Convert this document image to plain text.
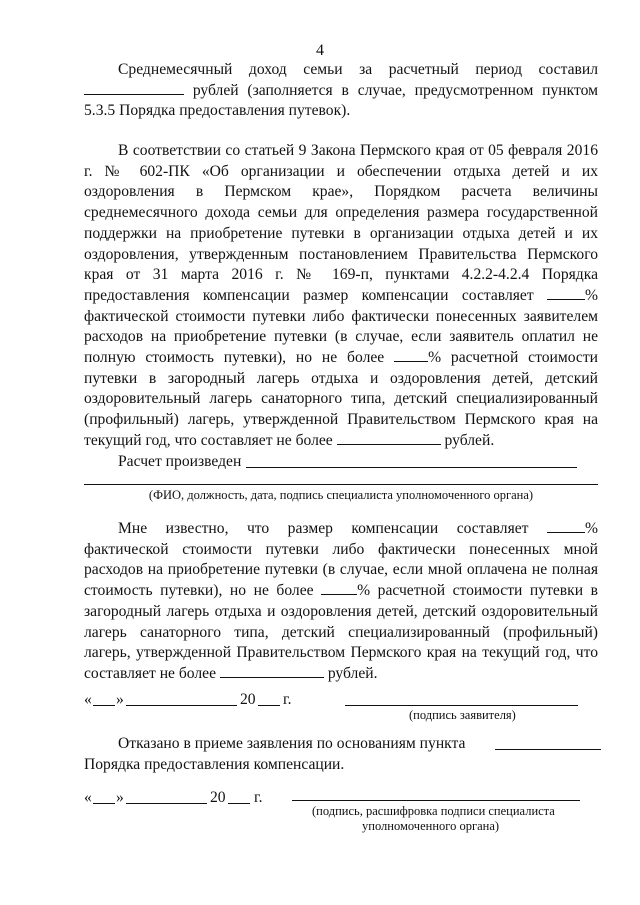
4

Среднемесячный доход семьи за расчетный период составил  рублей (заполняется в случае, предусмотренном пунктом 5.3.5 Порядка предоставления путевок).

В соответствии со статьей 9 Закона Пермского края от 05 февраля 2016 г. № 602-ПК «Об организации и обеспечении отдыха детей и их оздоровления в Пермском крае», Порядком расчета величины среднемесячного дохода семьи для определения размера государственной поддержки на приобретение путевки в организации отдыха детей и их оздоровления, утвержденным постановлением Правительства Пермского края от 31 марта 2016 г. № 169-п, пунктами 4.2.2-4.2.4 Порядка предоставления компенсации размер компенсации составляет	% фактической стоимости путевки либо фактически понесенных заявителем расходов на приобретение путевки (в случае, если заявитель оплатил не полную стоимость путевки), но не более	% расчетной стоимости путевки в загородный лагерь отдыха и оздоровления детей, детский оздоровительный лагерь санаторного типа, детский специализированный (профильный) лагерь, утвержденной Правительством Пермского края на текущий год, что составляет не более	рублей.

Расчет произведен
(ФИО, должность, дата, подпись специалиста уполномоченного органа)

Мне известно, что размер компенсации составляет	% фактической стоимости путевки либо фактически понесенных мной расходов на приобретение путевки (в случае, если мной оплачена не полная стоимость путевки), но не более	% расчетной стоимости путевки в загородный лагерь отдыха и оздоровления детей, детский оздоровительный лагерь санаторного типа, детский специализированный (профильный) лагерь, утвержденной Правительством Пермского края на текущий год, что составляет не более	рублей.

« »	20 г.
(подпись заявителя)
Отказано в приеме заявления по основаниям пункта
Порядка предоставления компенсации.
« »	20 г.
(подпись, расшифровка подписи специалиста
уполномоченного органа)
